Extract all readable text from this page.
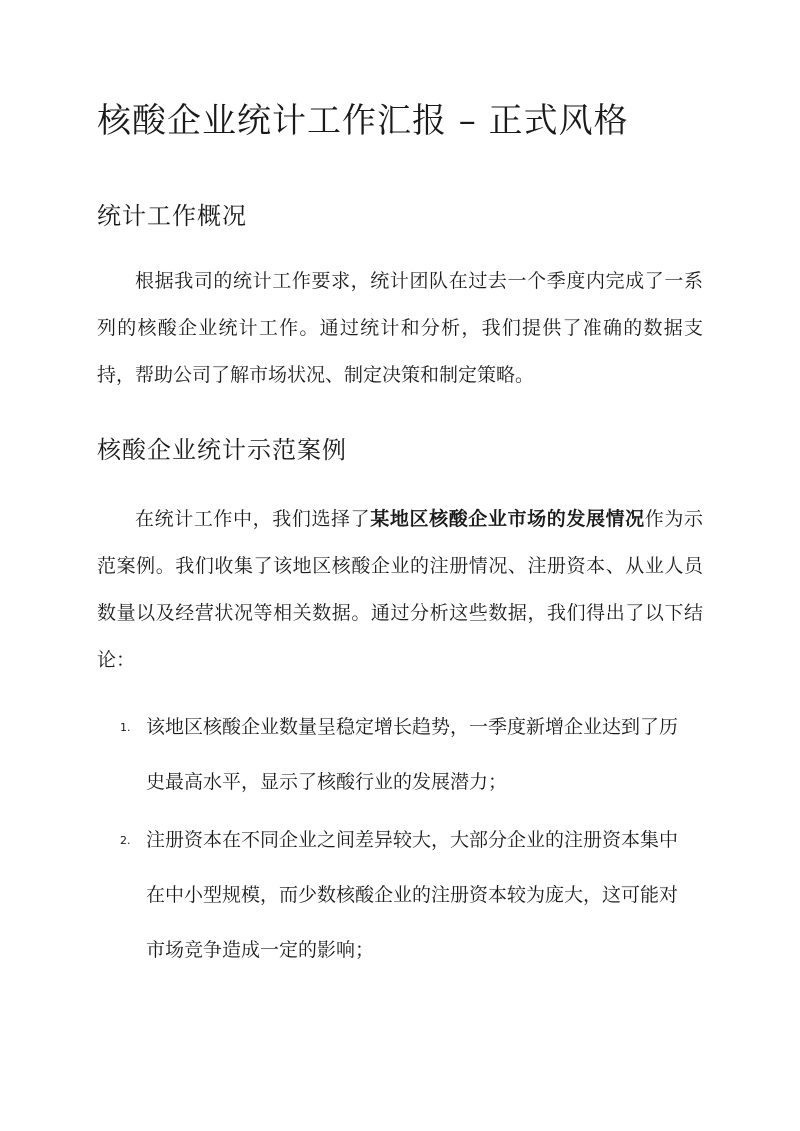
核酸企业统计工作汇报 – 正式风格
统计工作概况

根据我司的统计工作要求，统计团队在过去一个季度内完成了一系列的核酸企业统计工作。通过统计和分析，我们提供了准确的数据支持，帮助公司了解市场状况、制定决策和制定策略。

核酸企业统计示范案例

在统计工作中，我们选择了某地区核酸企业市场的发展情况作为示范案例。我们收集了该地区核酸企业的注册情况、注册资本、从业人员数量以及经营状况等相关数据。通过分析这些数据，我们得出了以下结论：

1. 该地区核酸企业数量呈稳定增长趋势，一季度新增企业达到了历史最高水平，显示了核酸行业的发展潜力；
2. 注册资本在不同企业之间差异较大，大部分企业的注册资本集中在中小型规模，而少数核酸企业的注册资本较为庞大，这可能对市场竞争造成一定的影响；
